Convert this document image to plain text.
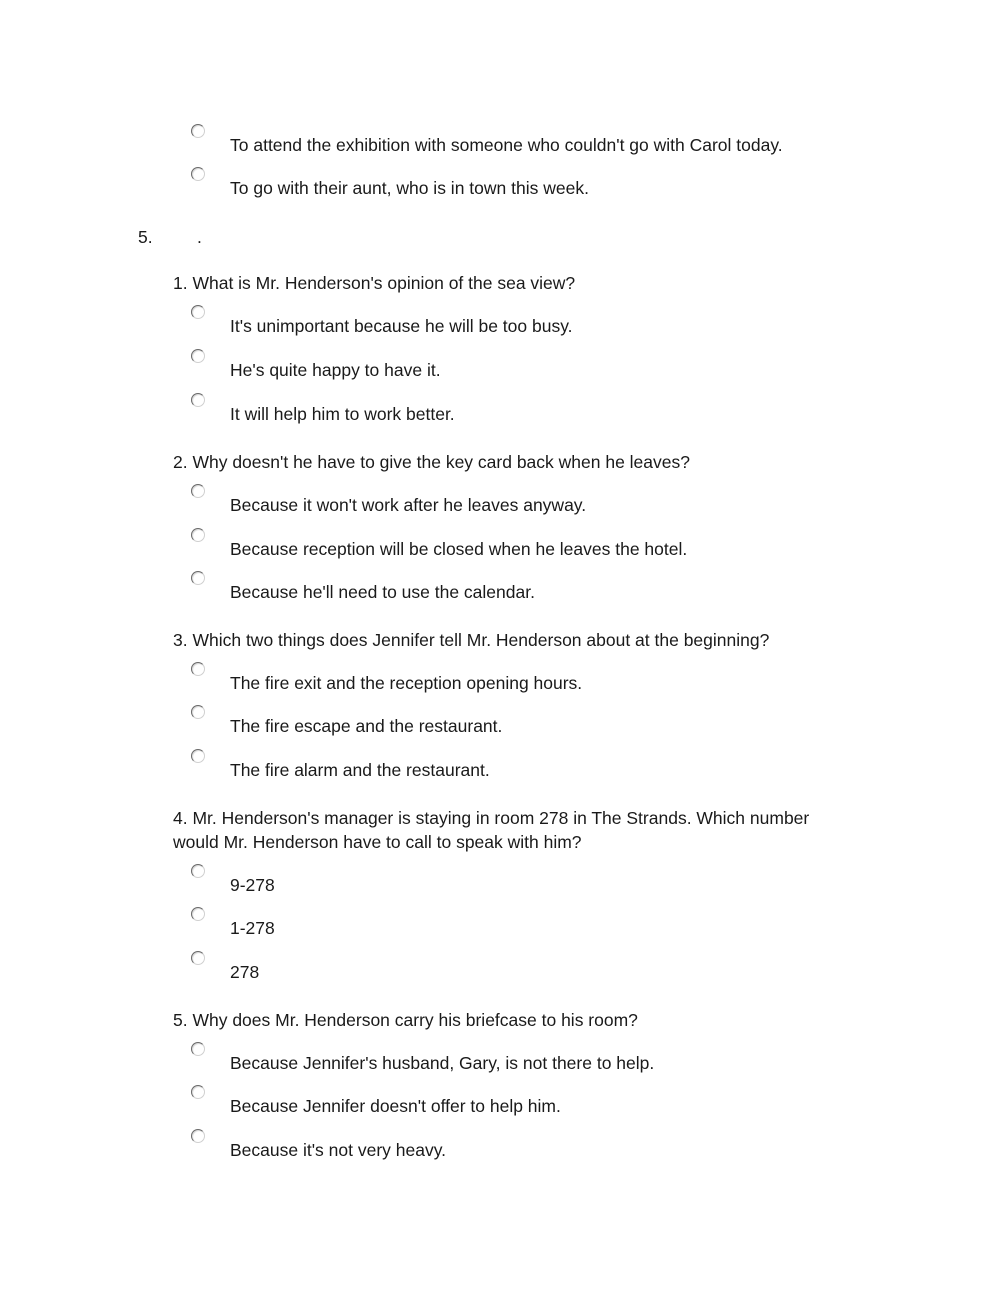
To attend the exhibition with someone who couldn't go with Carol today.

To go with their aunt, who is in town this week.

5.	.

1. What is Mr. Henderson's opinion of the sea view?

It's unimportant because he will be too busy.

He's quite happy to have it.

It will help him to work better.

2. Why doesn't he have to give the key card back when he leaves?

Because it won't work after he leaves anyway.

Because reception will be closed when he leaves the hotel.

Because he'll need to use the calendar.

3. Which two things does Jennifer tell Mr. Henderson about at the beginning?

The fire exit and the reception opening hours.

The fire escape and the restaurant.

The fire alarm and the restaurant.

4. Mr. Henderson's manager is staying in room 278 in The Strands. Which number

would Mr. Henderson have to call to speak with him?

9-278

1-278

278

5. Why does Mr. Henderson carry his briefcase to his room?

Because Jennifer's husband, Gary, is not there to help.

Because Jennifer doesn't offer to help him.

Because it's not very heavy.
